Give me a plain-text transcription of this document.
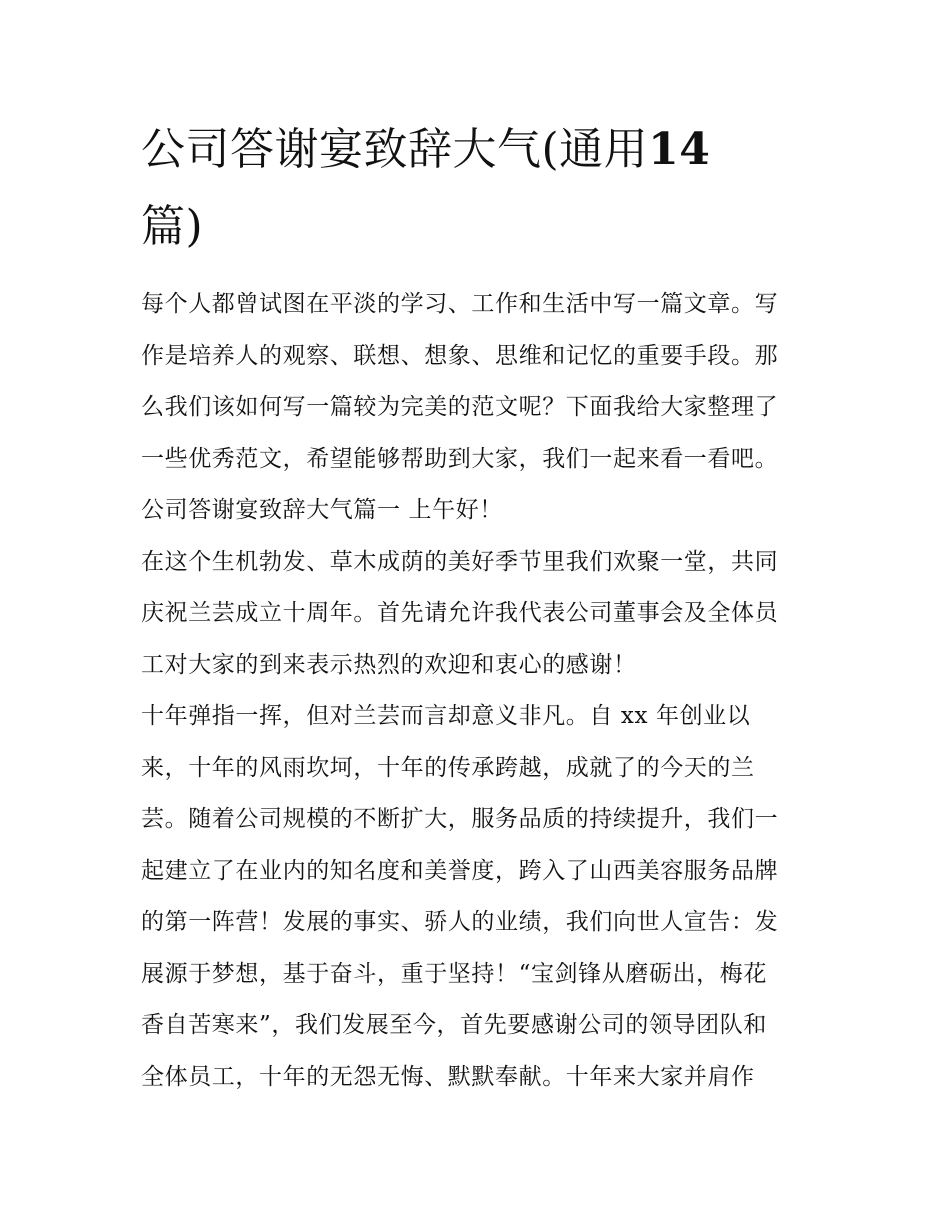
公司答谢宴致辞大气(通用14
篇)
每个人都曾试图在平淡的学习、工作和生活中写一篇文章。写
作是培养人的观察、联想、想象、思维和记忆的重要手段。那
么我们该如何写一篇较为完美的范文呢？下面我给大家整理了
一些优秀范文，希望能够帮助到大家，我们一起来看一看吧。
公司答谢宴致辞大气篇一 上午好！
在这个生机勃发、草木成荫的美好季节里我们欢聚一堂，共同
庆祝兰芸成立十周年。首先请允许我代表公司董事会及全体员
工对大家的到来表示热烈的欢迎和衷心的感谢！
十年弹指一挥，但对兰芸而言却意义非凡。自 xx 年创业以
来，十年的风雨坎坷，十年的传承跨越，成就了的今天的兰
芸。随着公司规模的不断扩大，服务品质的持续提升，我们一
起建立了在业内的知名度和美誉度，跨入了山西美容服务品牌
的第一阵营！发展的事实、骄人的业绩，我们向世人宣告：发
展源于梦想，基于奋斗，重于坚持！“宝剑锋从磨砺出，梅花
香自苦寒来”，我们发展至今，首先要感谢公司的领导团队和
全体员工，十年的无怨无悔、默默奉献。十年来大家并肩作
